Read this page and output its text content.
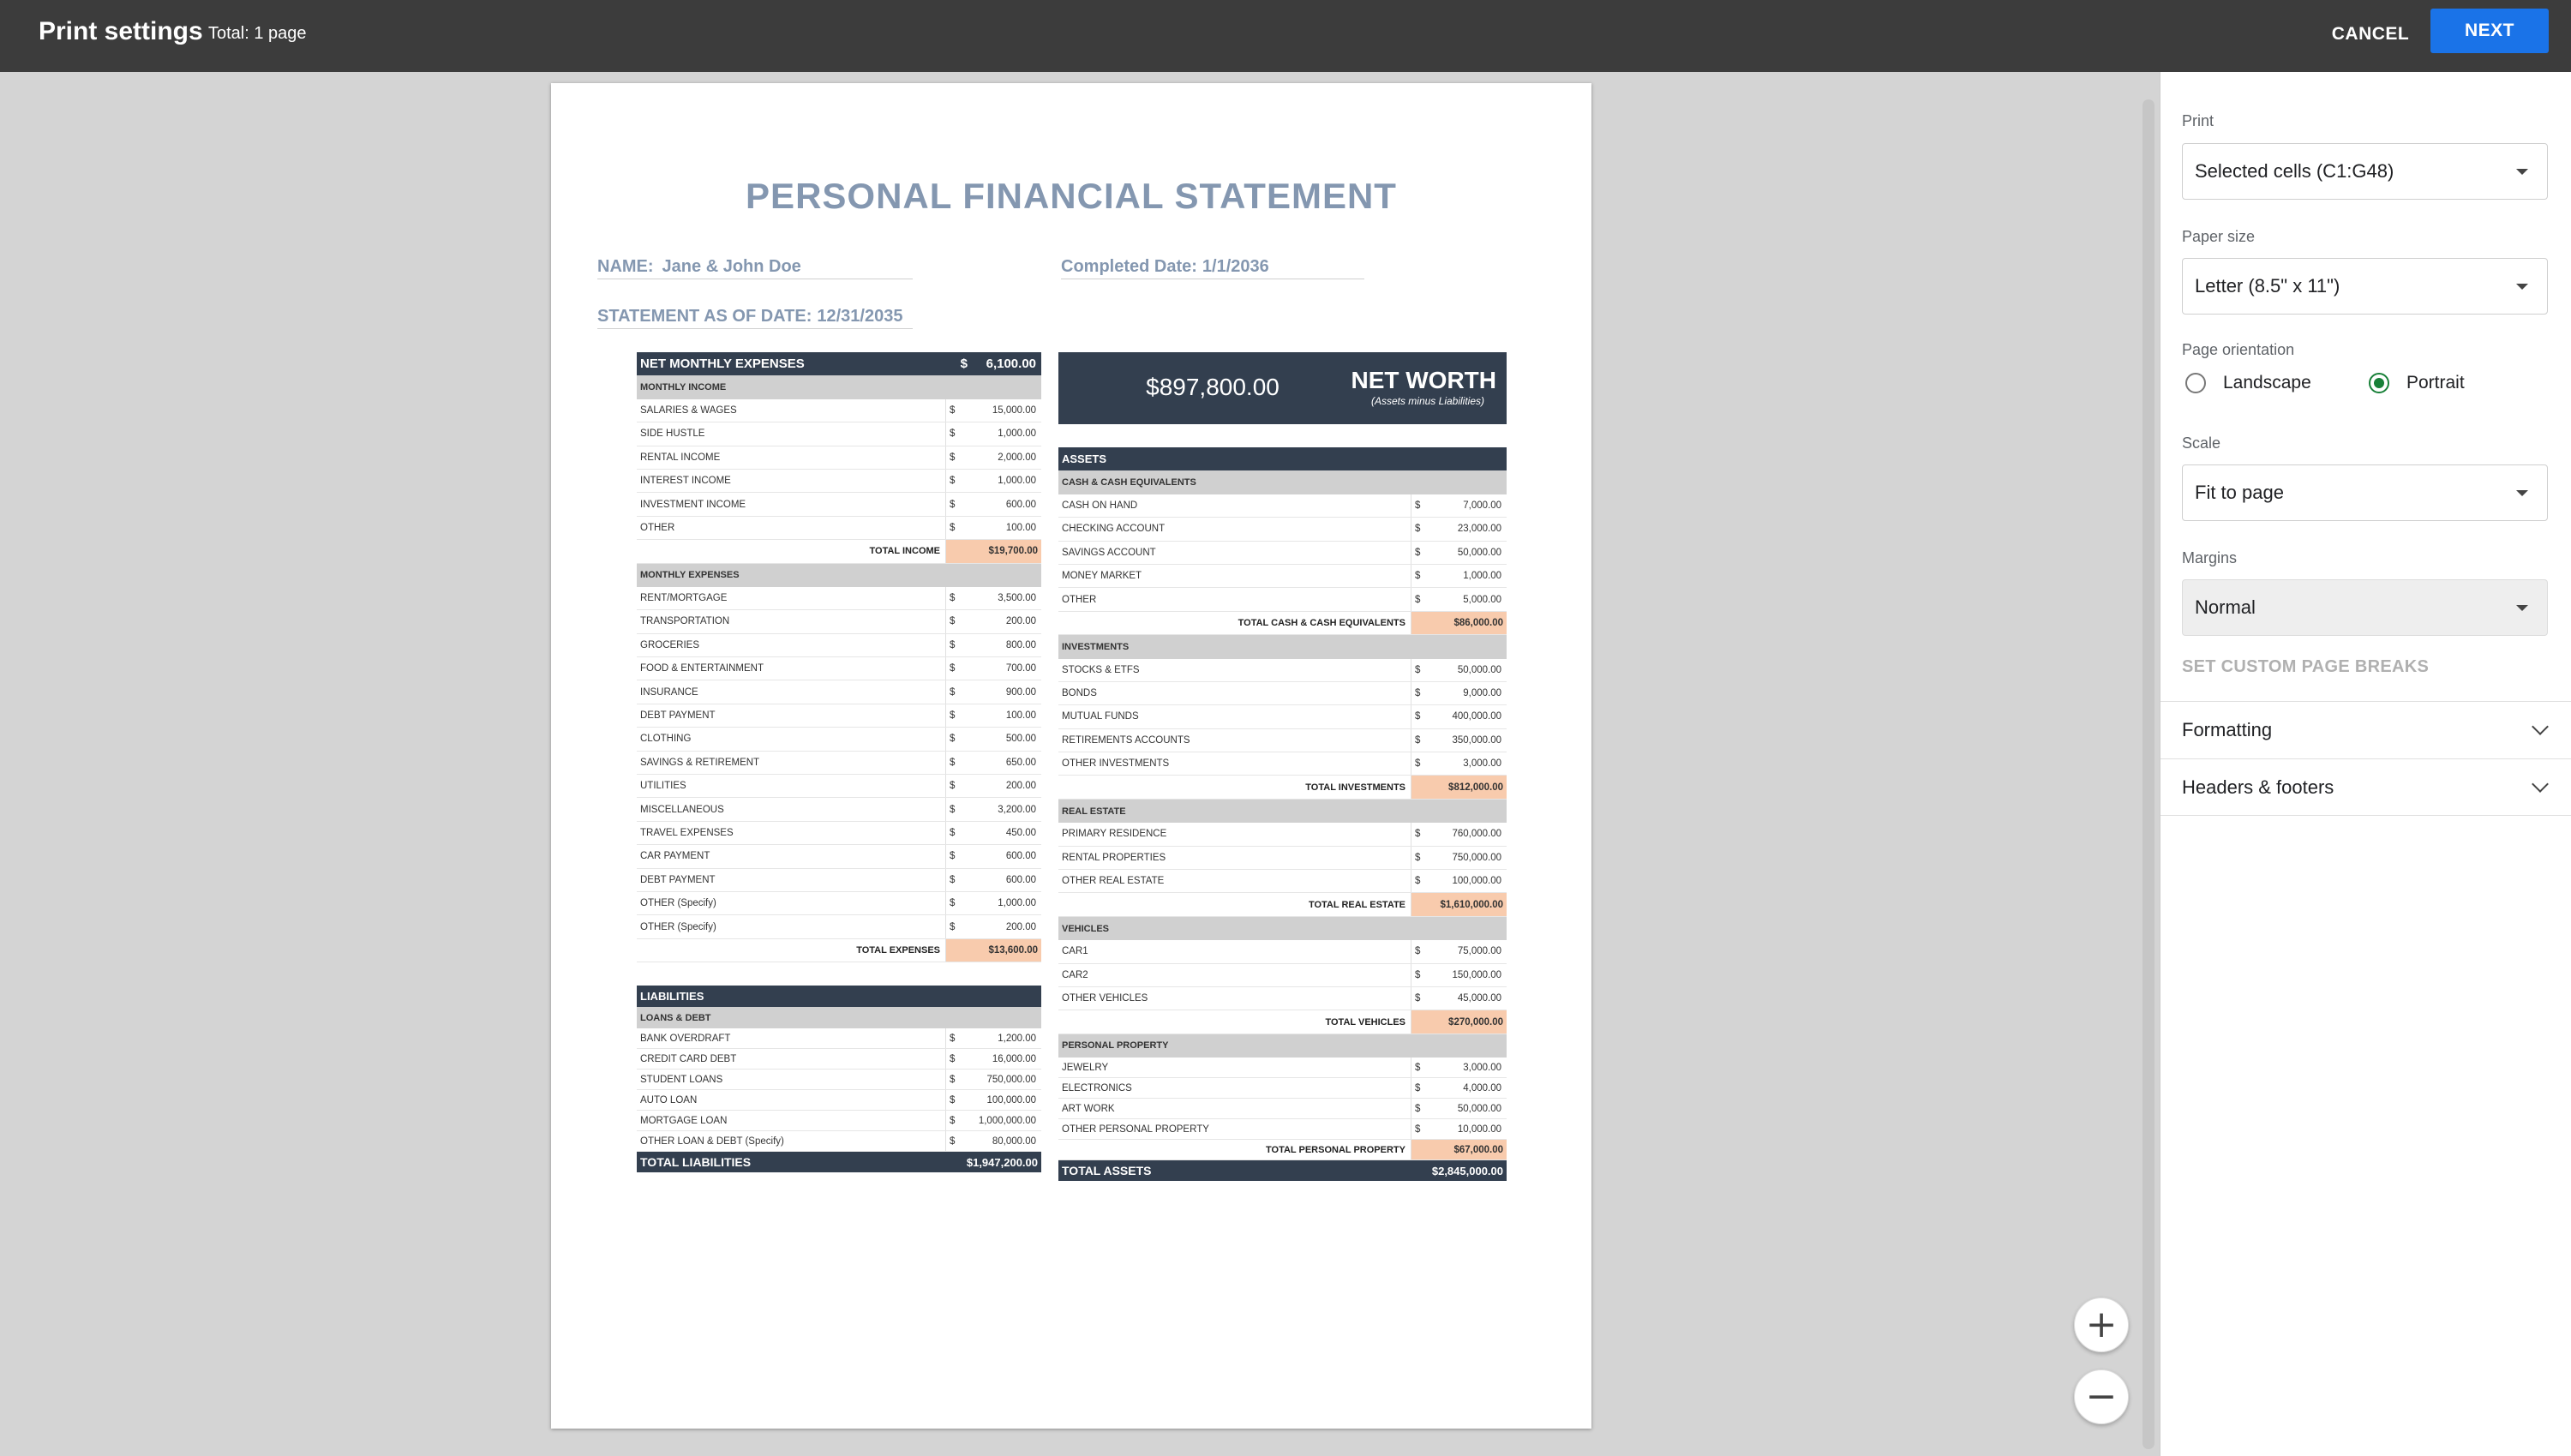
Print settings Total: 1 page	CANCEL	NEXT
PERSONAL FINANCIAL STATEMENT
NAME: Jane & John Doe	Completed Date: 1/1/2036
STATEMENT AS OF DATE: 12/31/2035
NET MONTHLY EXPENSES	$	6,100.00
MONTHLY INCOME
SALARIES & WAGES	$	15,000.00
SIDE HUSTLE	$	1,000.00
RENTAL INCOME	$	2,000.00
INTEREST INCOME	$	1,000.00
INVESTMENT INCOME	$	600.00
OTHER	$	100.00
TOTAL INCOME	$19,700.00
MONTHLY EXPENSES
RENT/MORTGAGE	$	3,500.00
TRANSPORTATION	$	200.00
GROCERIES	$	800.00
FOOD & ENTERTAINMENT	$	700.00
INSURANCE	$	900.00
DEBT PAYMENT	$	100.00
CLOTHING	$	500.00
SAVINGS & RETIREMENT	$	650.00
UTILITIES	$	200.00
MISCELLANEOUS	$	3,200.00
TRAVEL EXPENSES	$	450.00
CAR PAYMENT	$	600.00
DEBT PAYMENT	$	600.00
OTHER (Specify)	$	1,000.00
OTHER (Specify)	$	200.00
TOTAL EXPENSES	$13,600.00
LIABILITIES
LOANS & DEBT
BANK OVERDRAFT	$	1,200.00
CREDIT CARD DEBT	$	16,000.00
STUDENT LOANS	$	750,000.00
AUTO LOAN	$	100,000.00
MORTGAGE LOAN	$	1,000,000.00
OTHER LOAN & DEBT (Specify)	$	80,000.00
TOTAL LIABILITIES	$1,947,200.00
ASSETS
CASH & CASH EQUIVALENTS
CASH ON HAND	$	7,000.00
CHECKING ACCOUNT	$	23,000.00
SAVINGS ACCOUNT	$	50,000.00
MONEY MARKET	$	1,000.00
OTHER	$	5,000.00
TOTAL CASH & CASH EQUIVALENTS	$86,000.00
INVESTMENTS
STOCKS & ETFS	$	50,000.00
BONDS	$	9,000.00
MUTUAL FUNDS	$	400,000.00
RETIREMENTS ACCOUNTS	$	350,000.00
OTHER INVESTMENTS	$	3,000.00
TOTAL INVESTMENTS	$812,000.00
REAL ESTATE
PRIMARY RESIDENCE	$	760,000.00
RENTAL PROPERTIES	$	750,000.00
OTHER REAL ESTATE	$	100,000.00
TOTAL REAL ESTATE	$1,610,000.00
VEHICLES
CAR1	$	75,000.00
CAR2	$	150,000.00
OTHER VEHICLES	$	45,000.00
TOTAL VEHICLES	$270,000.00
PERSONAL PROPERTY
JEWELRY	$	3,000.00
ELECTRONICS	$	4,000.00
ART WORK	$	50,000.00
OTHER PERSONAL PROPERTY	$	10,000.00
TOTAL PERSONAL PROPERTY	$67,000.00
TOTAL ASSETS	$2,845,000.00
$897,800.00	NET WORTH
(Assets minus Liabilities)
+
−
Print
Selected cells (C1:G48)
Paper size
Letter (8.5" x 11")
Page orientation
Landscape	Portrait
Scale
Fit to page
Margins
Normal
SET CUSTOM PAGE BREAKS
Formatting
Headers & footers
